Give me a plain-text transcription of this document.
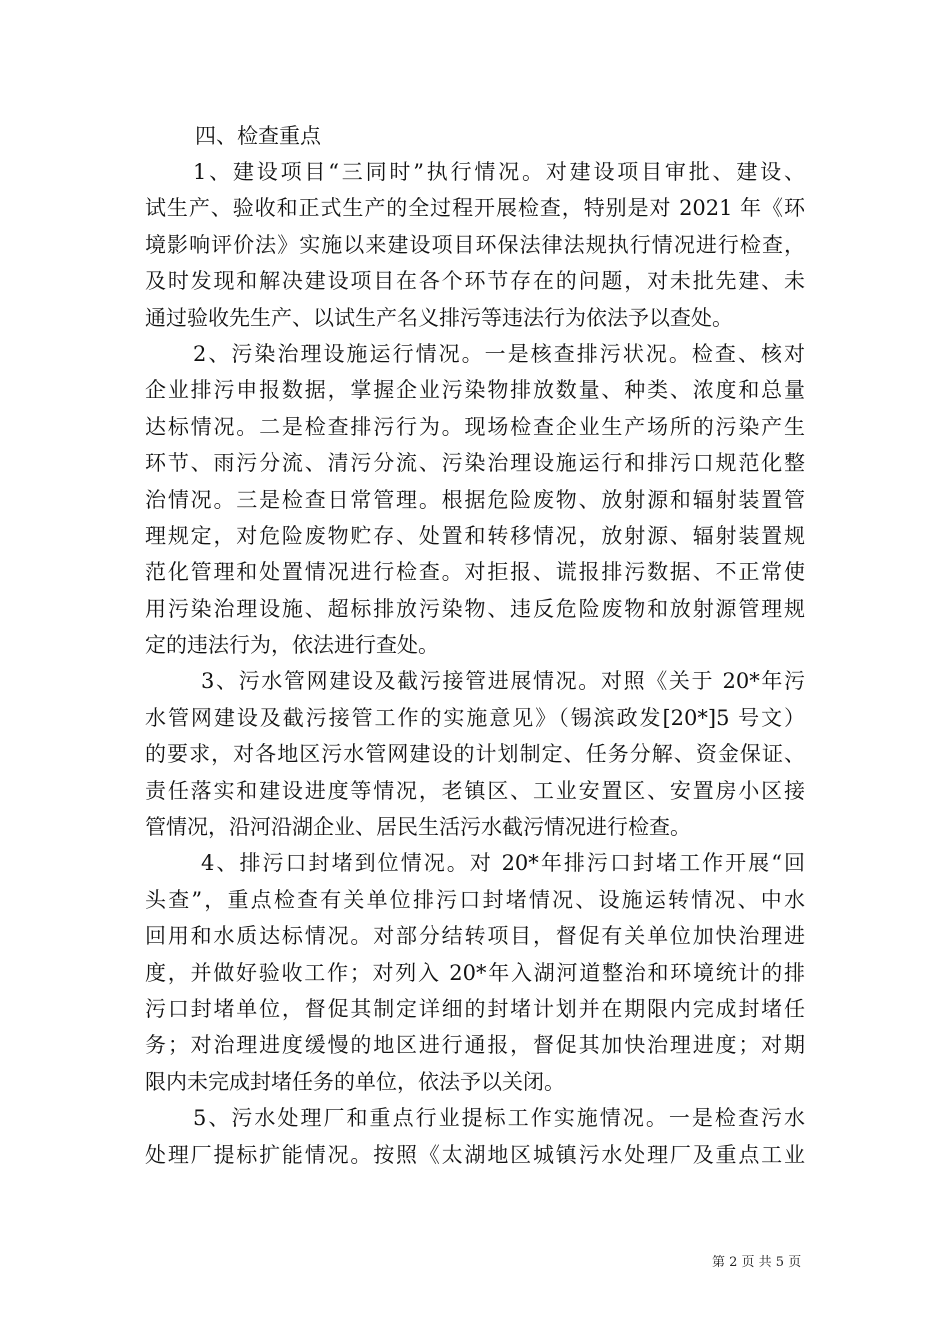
四、检查重点
1、建设项目“三同时”执行情况。对建设项目审批、建设、
试生产、验收和正式生产的全过程开展检查，特别是对 2021 年《环
境影响评价法》实施以来建设项目环保法律法规执行情况进行检查，
及时发现和解决建设项目在各个环节存在的问题，对未批先建、未
通过验收先生产、以试生产名义排污等违法行为依法予以查处。
2、污染治理设施运行情况。一是核查排污状况。检查、核对
企业排污申报数据，掌握企业污染物排放数量、种类、浓度和总量
达标情况。二是检查排污行为。现场检查企业生产场所的污染产生
环节、雨污分流、清污分流、污染治理设施运行和排污口规范化整
治情况。三是检查日常管理。根据危险废物、放射源和辐射装置管
理规定，对危险废物贮存、处置和转移情况，放射源、辐射装置规
范化管理和处置情况进行检查。对拒报、谎报排污数据、不正常使
用污染治理设施、超标排放污染物、违反危险废物和放射源管理规
定的违法行为，依法进行查处。
3、污水管网建设及截污接管进展情况。对照《关于 20*年污
水管网建设及截污接管工作的实施意见》（锡滨政发[20*]5 号文）
的要求，对各地区污水管网建设的计划制定、任务分解、资金保证、
责任落实和建设进度等情况，老镇区、工业安置区、安置房小区接
管情况，沿河沿湖企业、居民生活污水截污情况进行检查。
4、排污口封堵到位情况。对 20*年排污口封堵工作开展“回
头查”，重点检查有关单位排污口封堵情况、设施运转情况、中水
回用和水质达标情况。对部分结转项目，督促有关单位加快治理进
度，并做好验收工作；对列入 20*年入湖河道整治和环境统计的排
污口封堵单位，督促其制定详细的封堵计划并在期限内完成封堵任
务；对治理进度缓慢的地区进行通报，督促其加快治理进度；对期
限内未完成封堵任务的单位，依法予以关闭。
5、污水处理厂和重点行业提标工作实施情况。一是检查污水
处理厂提标扩能情况。按照《太湖地区城镇污水处理厂及重点工业
第 2 页 共 5 页
